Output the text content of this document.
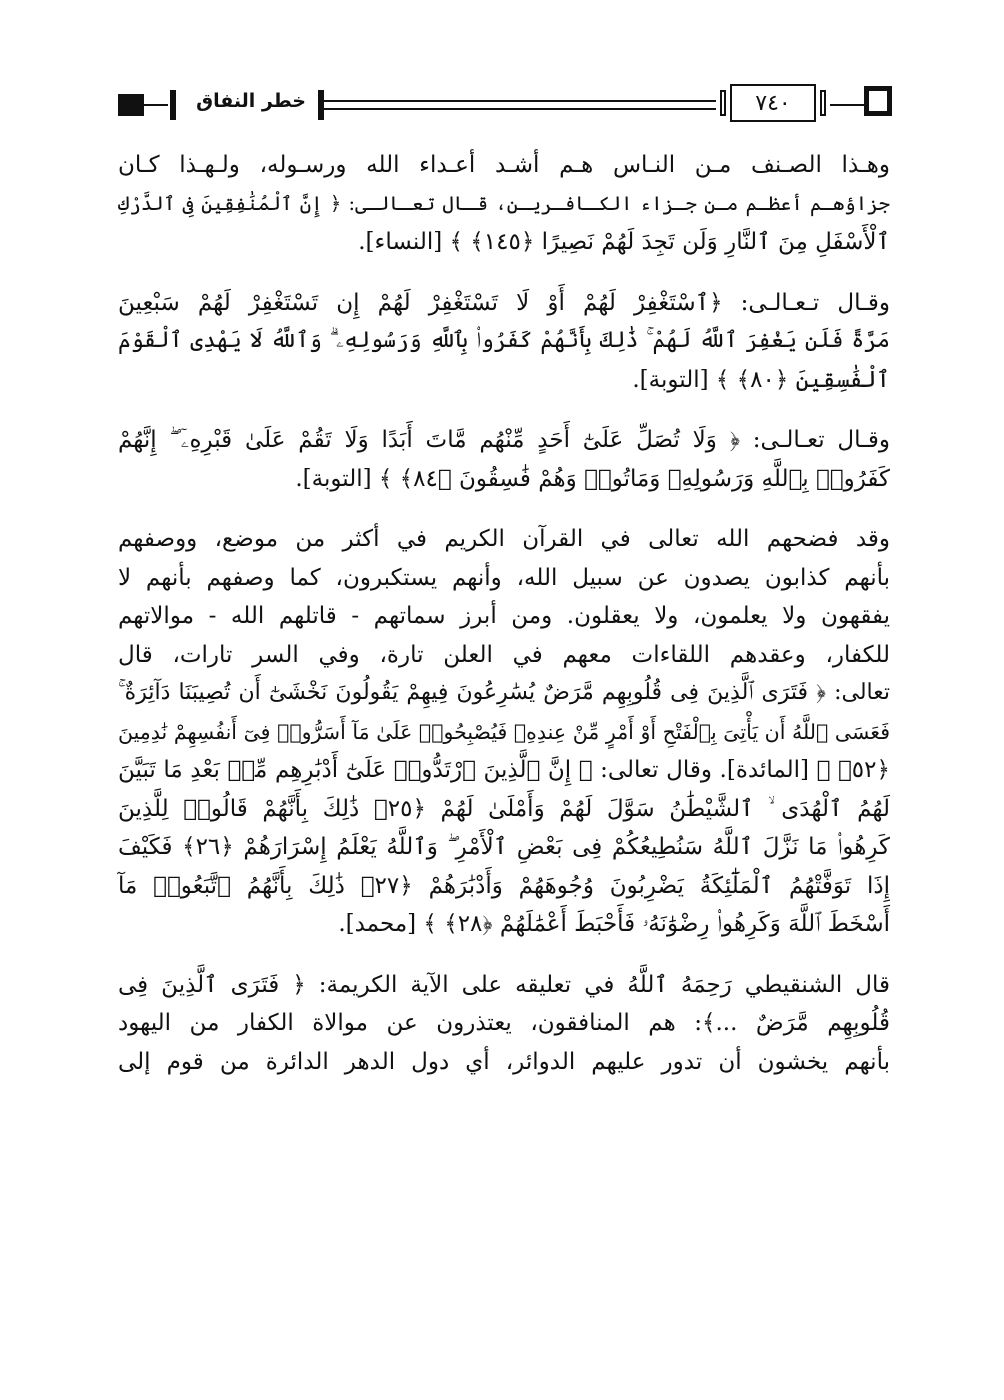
خطر النفاق	٧٤٠
وهـذا الصـنف مـن النـاس هـم أشـد أعـداء الله ورسـوله، ولـهـذا كـان
جزاؤهـم أعظـم مـن جـزاء الكـافـريـن، قـال تعـالـى: ﴿ إِنَّ ٱلْمُنَٰفِقِينَ فِى ٱلدَّرْكِ
ٱلْأَسْفَلِ مِنَ ٱلنَّارِ وَلَن تَجِدَ لَهُمْ نَصِيرًا ﴿١٤٥﴾ ﴾ [النساء].
وقـال تـعـالـى: ﴿ٱسْتَغْفِرْ لَهُمْ أَوْ لَا تَسْتَغْفِرْ لَهُمْ إِن تَسْتَغْفِرْ لَهُمْ سَبْعِينَ
مَرَّةً فَلَن يَغْفِرَ ٱللَّهُ لَهُمْ ۚ ذَٰلِكَ بِأَنَّهُمْ كَفَرُوا۟ بِٱللَّهِ وَرَسُولِهِۦ ۗ وَٱللَّهُ لَا يَهْدِى ٱلْقَوْمَ
ٱلْفَٰسِقِينَ ﴿٨٠﴾ ﴾ [التوبة].
وقـال تعـالـى: ﴿ وَلَا تُصَلِّ عَلَىٰٓ أَحَدٍ مِّنْهُم مَّاتَ أَبَدًا وَلَا تَقُمْ عَلَىٰ قَبْرِهِۦٓ ۖ إِنَّهُمْ
كَفَرُوا۟ بِٱللَّهِ وَرَسُولِهِۦ وَمَاتُوا۟ وَهُمْ فَٰسِقُونَ ﴿٨٤﴾ ﴾ [التوبة].
وقد فضحهم الله تعالى في القرآن الكريم في أكثر من موضع، ووصفهم
بأنهم كذابون يصدون عن سبيل الله، وأنهم يستكبرون، كما وصفهم بأنهم لا
يفقهون ولا يعلمون، ولا يعقلون. ومن أبرز سماتهم - قاتلهم الله - موالاتهم
للكفار، وعقدهم اللقاءات معهم في العلن تارة، وفي السر تارات، قال
تعالى: ﴿ فَتَرَى ٱلَّذِينَ فِى قُلُوبِهِم مَّرَضٌ يُسَٰرِعُونَ فِيهِمْ يَقُولُونَ نَخْشَىٰٓ أَن تُصِيبَنَا دَآئِرَةٌ ۚ
فَعَسَى ٱللَّهُ أَن يَأْتِىَ بِٱلْفَتْحِ أَوْ أَمْرٍ مِّنْ عِندِهِۦ فَيُصْبِحُوا۟ عَلَىٰ مَآ أَسَرُّوا۟ فِىٓ أَنفُسِهِمْ نَٰدِمِينَ
﴿٥٢﴾ ﴾ [المائدة]. وقال تعالى: ﴿ إِنَّ ٱلَّذِينَ ٱرْتَدُّوا۟ عَلَىٰٓ أَدْبَٰرِهِم مِّنۢ بَعْدِ مَا تَبَيَّنَ
لَهُمُ ٱلْهُدَى ۙ ٱلشَّيْطَٰنُ سَوَّلَ لَهُمْ وَأَمْلَىٰ لَهُمْ ﴿٢٥﴾ ذَٰلِكَ بِأَنَّهُمْ قَالُوا۟ لِلَّذِينَ
كَرِهُوا۟ مَا نَزَّلَ ٱللَّهُ سَنُطِيعُكُمْ فِى بَعْضِ ٱلْأَمْرِ ۖ وَٱللَّهُ يَعْلَمُ إِسْرَارَهُمْ ﴿٢٦﴾ فَكَيْفَ
إِذَا تَوَفَّتْهُمُ ٱلْمَلَٰٓئِكَةُ يَضْرِبُونَ وُجُوهَهُمْ وَأَدْبَٰرَهُمْ ﴿٢٧﴾ ذَٰلِكَ بِأَنَّهُمُ ٱتَّبَعُوا۟ مَآ
أَسْخَطَ ٱللَّهَ وَكَرِهُوا۟ رِضْوَٰنَهُۥ فَأَحْبَطَ أَعْمَٰلَهُمْ ﴿٢٨﴾ ﴾ [محمد].
قال الشنقيطي رَحِمَهُ ٱللَّهُ في تعليقه على الآية الكريمة: ﴿ فَتَرَى ٱلَّذِينَ فِى
قُلُوبِهِم مَّرَضٌ ...﴾: هم المنافقون، يعتذرون عن موالاة الكفار من اليهود
بأنهم يخشون أن تدور عليهم الدوائر، أي دول الدهر الدائرة من قوم إلى
